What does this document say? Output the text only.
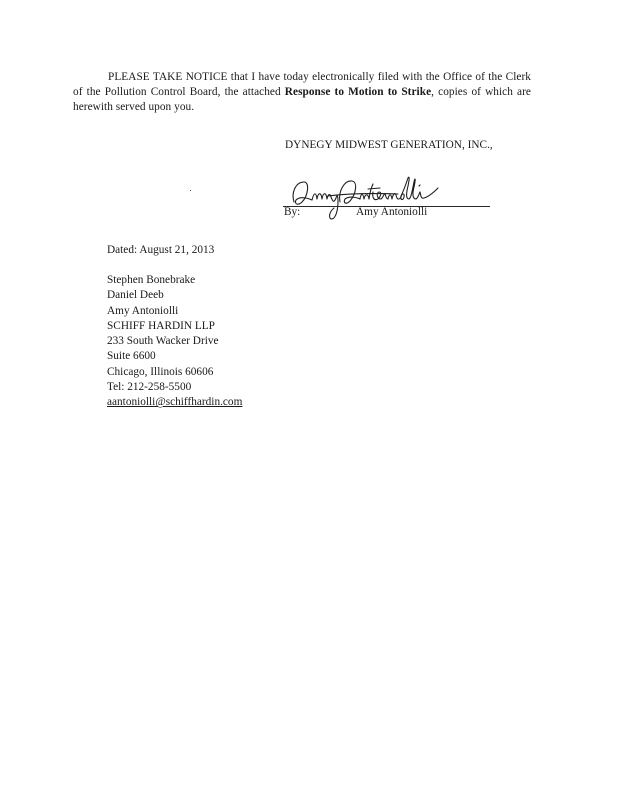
PLEASE TAKE NOTICE that I have today electronically filed with the Office of the Clerk of the Pollution Control Board, the attached Response to Motion to Strike, copies of which are herewith served upon you.

DYNEGY MIDWEST GENERATION, INC.,
By:	Amy Antoniolli
Dated: August 21, 2013
Stephen Bonebrake
Daniel Deeb
Amy Antoniolli
SCHIFF HARDIN LLP
233 South Wacker Drive
Suite 6600
Chicago, Illinois 60606
Tel: 212-258-5500
aantoniolli@schiffhardin.com
